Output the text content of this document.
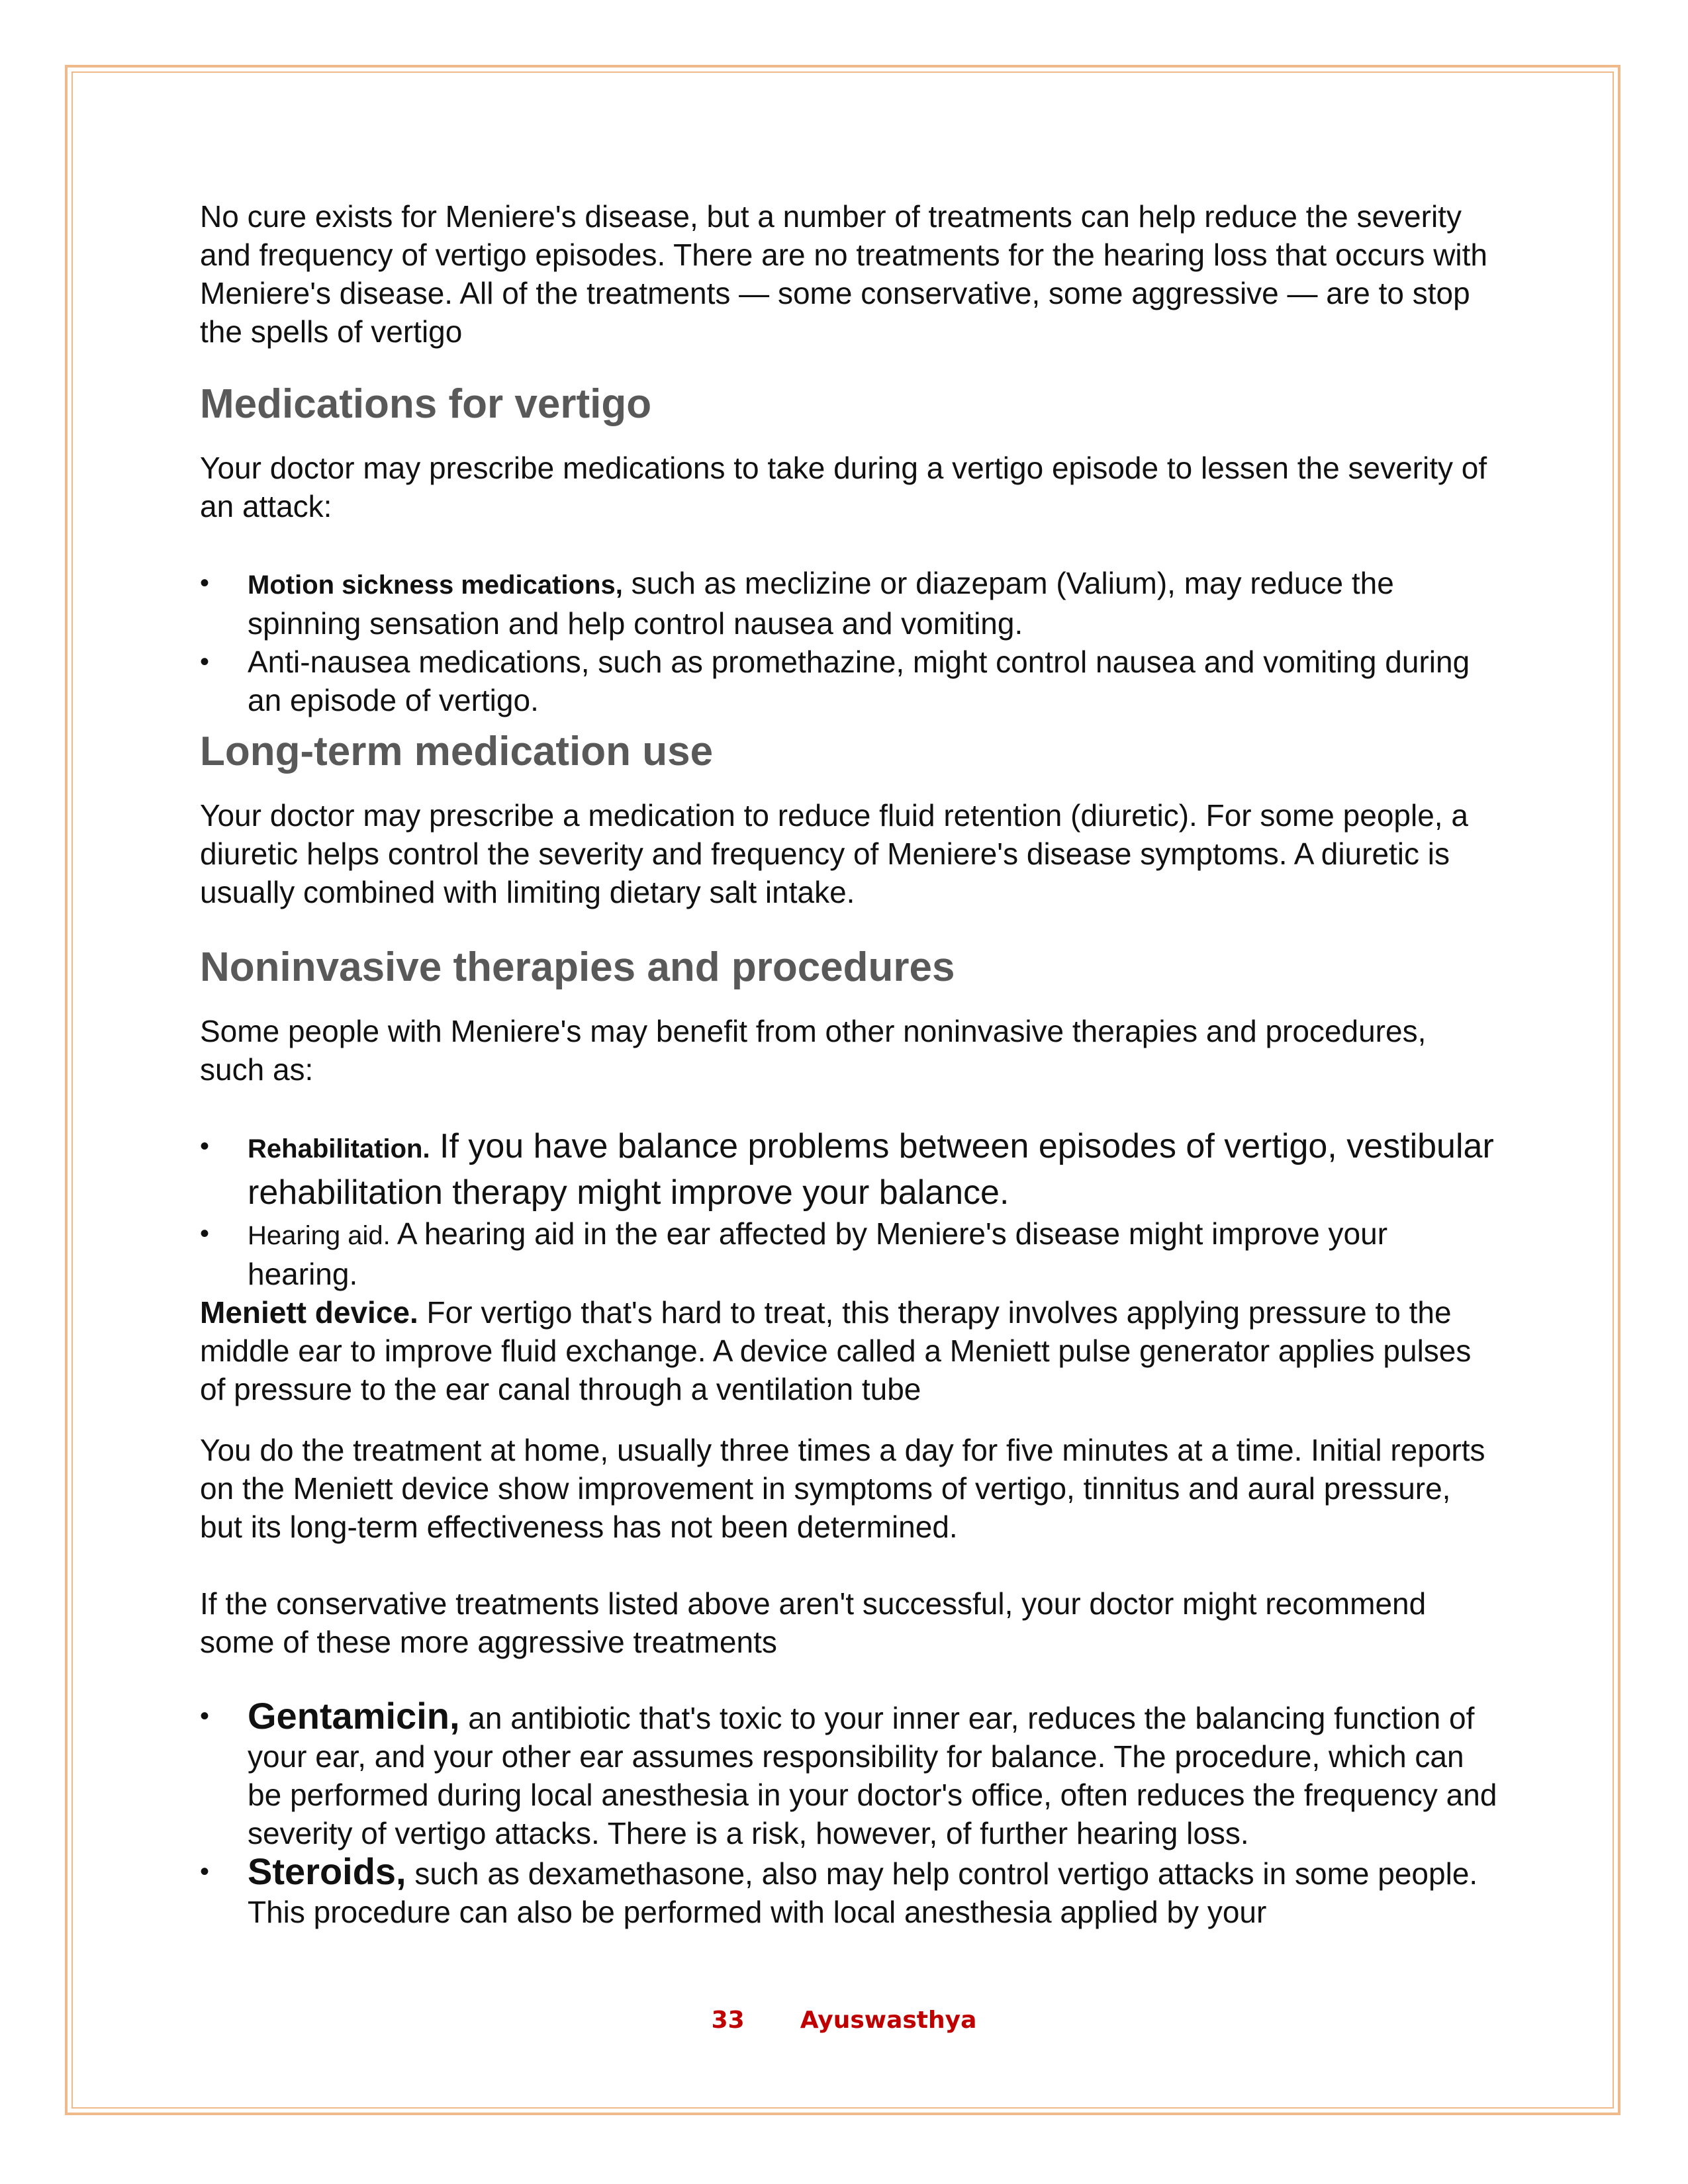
No cure exists for Meniere's disease, but a number of treatments can help reduce the severity and frequency of vertigo episodes. There are no treatments for the hearing loss that occurs with Meniere's disease. All of the treatments — some conservative, some aggressive — are to stop the spells of vertigo

Medications for vertigo

Your doctor may prescribe medications to take during a vertigo episode to lessen the severity of an attack:

•	Motion sickness medications, such as meclizine or diazepam (Valium), may reduce the spinning sensation and help control nausea and vomiting.
•	Anti-nausea medications, such as promethazine, might control nausea and vomiting during an episode of vertigo.
Long-term medication use

Your doctor may prescribe a medication to reduce fluid retention (diuretic). For some people, a diuretic helps control the severity and frequency of Meniere's disease symptoms. A diuretic is usually combined with limiting dietary salt intake.

Noninvasive therapies and procedures

Some people with Meniere's may benefit from other noninvasive therapies and procedures, such as:

•	Rehabilitation. If you have balance problems between episodes of vertigo, vestibular rehabilitation therapy might improve your balance.
•	Hearing aid. A hearing aid in the ear affected by Meniere's disease might improve your hearing.

Meniett device. For vertigo that's hard to treat, this therapy involves applying pressure to the middle ear to improve fluid exchange. A device called a Meniett pulse generator applies pulses of pressure to the ear canal through a ventilation tube

You do the treatment at home, usually three times a day for five minutes at a time. Initial reports on the Meniett device show improvement in symptoms of vertigo, tinnitus and aural pressure, but its long-term effectiveness has not been determined.

If the conservative treatments listed above aren't successful, your doctor might recommend some of these more aggressive treatments

• Gentamicin, an antibiotic that's toxic to your inner ear, reduces the balancing function of your ear, and your other ear assumes responsibility for balance. The procedure, which can be performed during local anesthesia in your doctor's office, often reduces the frequency and severity of vertigo attacks. There is a risk, however, of further hearing loss.
• Steroids, such as dexamethasone, also may help control vertigo attacks in some people. This procedure can also be performed with local anesthesia applied by your
33 Ayuswasthya
